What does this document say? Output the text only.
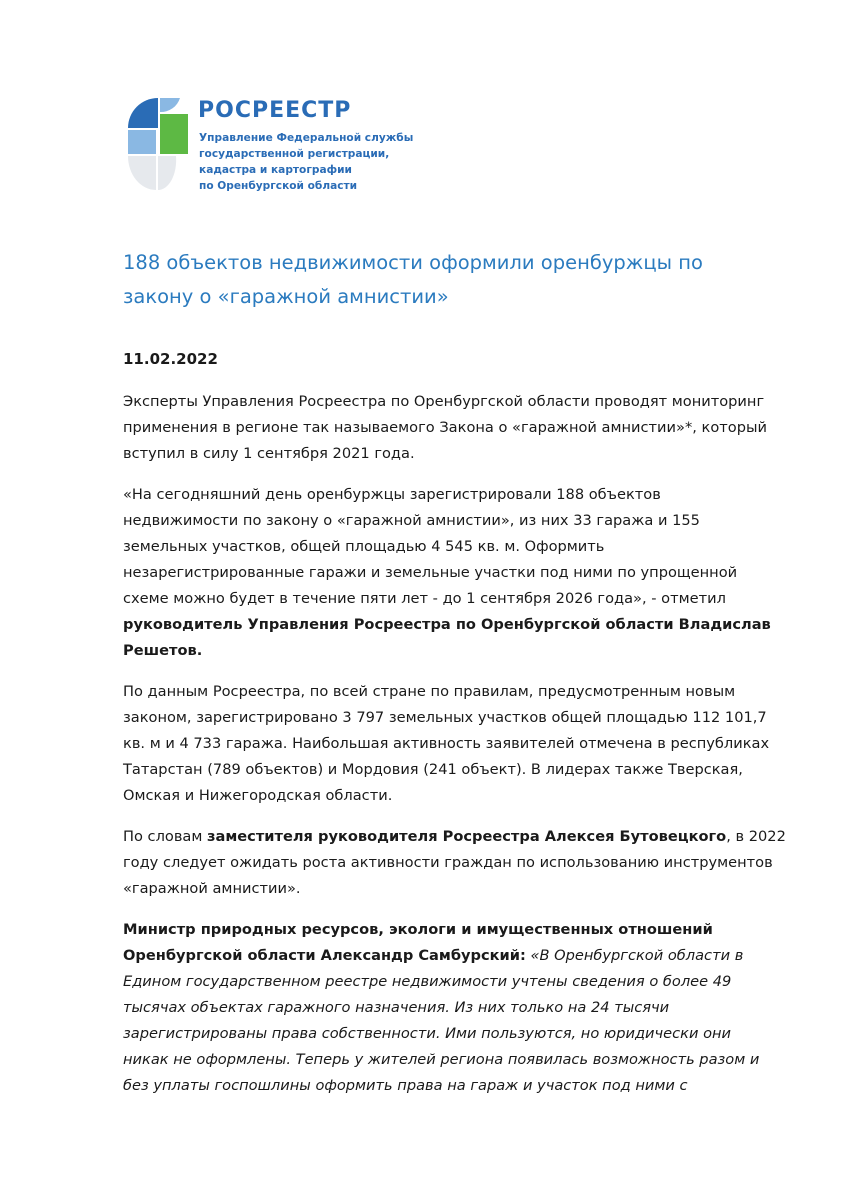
РОСРЕЕСТР
Управление Федеральной службы
государственной регистрации,
кадастра и картографии
по Оренбургской области
188 объектов недвижимости оформили оренбуржцы по
закону о «гаражной амнистии»
11.02.2022
Эксперты Управления Росреестра по Оренбургской области проводят мониторинг
применения в регионе так называемого Закона о «гаражной амнистии»*, который
вступил в силу 1 сентября 2021 года.
«На сегодняшний день оренбуржцы зарегистрировали 188 объектов
недвижимости по закону о «гаражной амнистии», из них 33 гаража и 155
земельных участков, общей площадью 4 545 кв. м. Оформить
незарегистрированные гаражи и земельные участки под ними по упрощенной
схеме можно будет в течение пяти лет - до 1 сентября 2026 года», - отметил
руководитель Управления Росреестра по Оренбургской области Владислав
Решетов.
По данным Росреестра, по всей стране по правилам, предусмотренным новым
законом, зарегистрировано 3 797 земельных участков общей площадью 112 101,7
кв. м и 4 733 гаража. Наибольшая активность заявителей отмечена в республиках
Татарстан (789 объектов) и Мордовия (241 объект). В лидерах также Тверская,
Омская и Нижегородская области.
По словам заместителя руководителя Росреестра Алексея Бутовецкого, в 2022
году следует ожидать роста активности граждан по использованию инструментов
«гаражной амнистии».
Министр природных ресурсов, экологи и имущественных отношений
Оренбургской области Александр Самбурский: «В Оренбургской области в
Едином государственном реестре недвижимости учтены сведения о более 49
тысячах объектах гаражного назначения. Из них только на 24 тысячи
зарегистрированы права собственности. Ими пользуются, но юридически они
никак не оформлены. Теперь у жителей региона появилась возможность разом и
без уплаты госпошлины оформить права на гараж и участок под ними с
